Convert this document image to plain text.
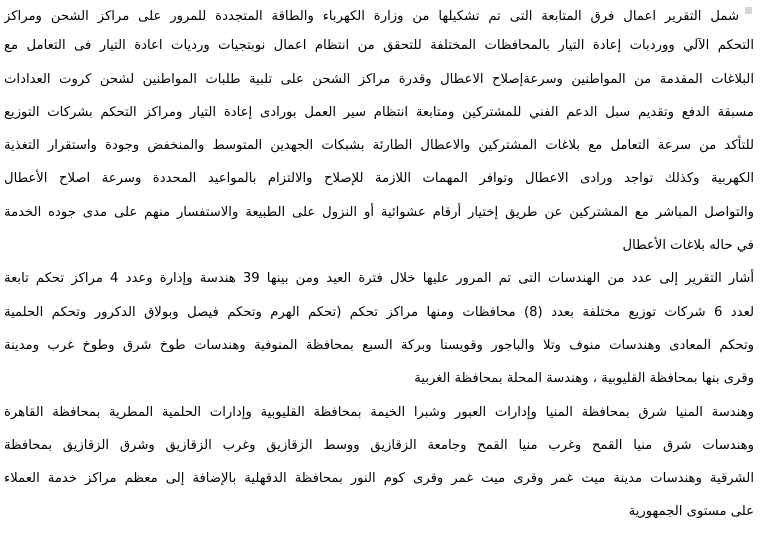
شمل التقرير اعمال فرق المتابعة التى تم تشكيلها من وزارة الكهرباء والطاقة المتجددة للمرور على مراكز الشحن ومراكز
التحكم الآلي ووردبات إعادة التيار بالمحافظات المختلفة للتحقق من انتظام اعمال نوبتجيات ورديات اعادة التيار فى التعامل مع
البلاغات المقدمة من المواطنين وسرعةإصلاح الاعطال وقدرة مراكز الشحن على تلبية طلبات المواطنين لشحن كروت العدادات
مسبقة الدفع وتقديم سبل الدعم الفني للمشتركين ومتابعة انتظام سير العمل بورادى إعادة التيار ومراكز التحكم بشركات التوزيع
للتأكد من سرعة التعامل مع بلاغات المشتركين والاعطال الطارئة بشبكات الجهدين المتوسط والمنخفض وجودة واستقرار التغذية
الكهربية وكذلك تواجد ورادى الاعطال وتوافر المهمات اللازمة للإصلاح والالتزام بالمواعيد المحددة وسرعة اصلاح الأعطال
والتواصل المباشر مع المشتركين عن طريق إختيار أرقام عشوائية أو النزول على الطبيعة والاستفسار منهم على مدى جوده الخدمة
في حاله بلاغات الأعطال
أشار التقرير إلى عدد من الهندسات التى تم المرور عليها خلال فترة العيد ومن بينها 39 هندسة وإدارة وعدد 4 مراكز تحكم تابعة
لعدد 6 شركات توزيع مختلفة بعدد (8) محافظات ومنها مراكز تحكم (تحكم الهرم وتحكم فيصل وبولاق الدكرور وتحكم الحلمية
وتحكم المعادى وهندسات منوف وتلا والباجور وقويسنا وبركة السبع بمحافظة المنوفية وهندسات طوخ شرق وطوخ غرب ومدينة
وقرى بنها بمحافظة القليوبية ، وهندسة المحلة بمحافظة الغربية
وهندسة المنيا شرق بمحافظة المنيا وإدارات العبور وشبرا الخيمة بمحافظة القليوبية وإدارات الحلمية المطرية بمحافظة القاهرة
وهندسات شرق منيا القمح وغرب منيا القمح وجامعة الزقازيق ووسط الزقازيق وغرب الزقازيق وشرق الزقازيق بمحافظة
الشرقية وهندسات مدينة ميت غمر وقرى ميت غمر وقرى كوم النور بمحافظة الدقهلية بالإضافة إلى معظم مراكز خدمة العملاء
على مستوى الجمهورية
